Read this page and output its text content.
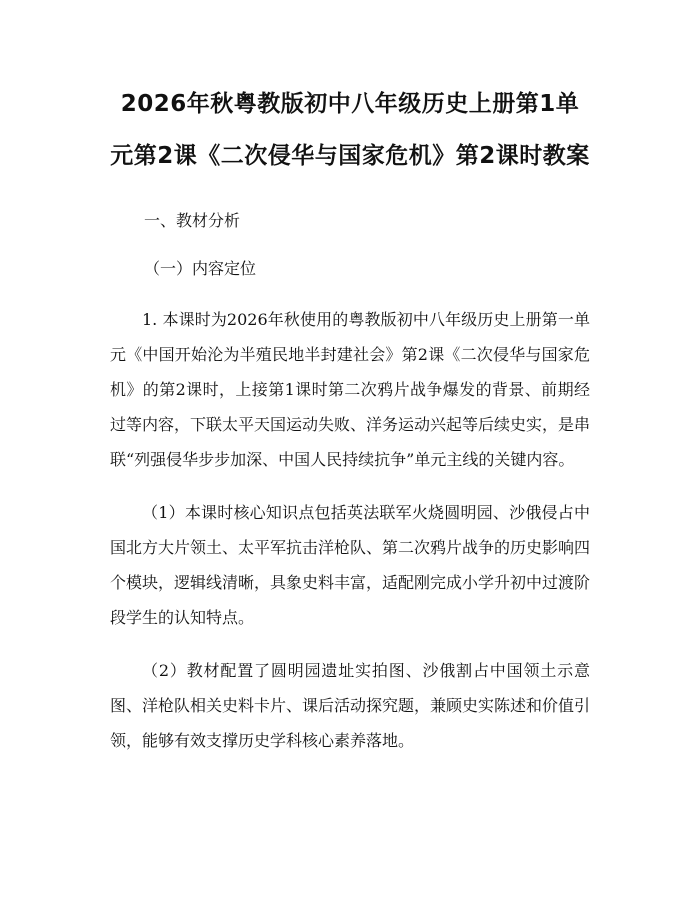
2026年秋粤教版初中八年级历史上册第1单元第2课《二次侵华与国家危机》第2课时教案

一、教材分析

（一）内容定位

1. 本课时为2026年秋使用的粤教版初中八年级历史上册第一单元《中国开始沦为半殖民地半封建社会》第2课《二次侵华与国家危机》的第2课时，上接第1课时第二次鸦片战争爆发的背景、前期经过等内容，下联太平天国运动失败、洋务运动兴起等后续史实，是串联“列强侵华步步加深、中国人民持续抗争”单元主线的关键内容。

（1）本课时核心知识点包括英法联军火烧圆明园、沙俄侵占中国北方大片领土、太平军抗击洋枪队、第二次鸦片战争的历史影响四个模块，逻辑线清晰，具象史料丰富，适配刚完成小学升初中过渡阶段学生的认知特点。

（2）教材配置了圆明园遗址实拍图、沙俄割占中国领土示意图、洋枪队相关史料卡片、课后活动探究题，兼顾史实陈述和价值引领，能够有效支撑历史学科核心素养落地。
